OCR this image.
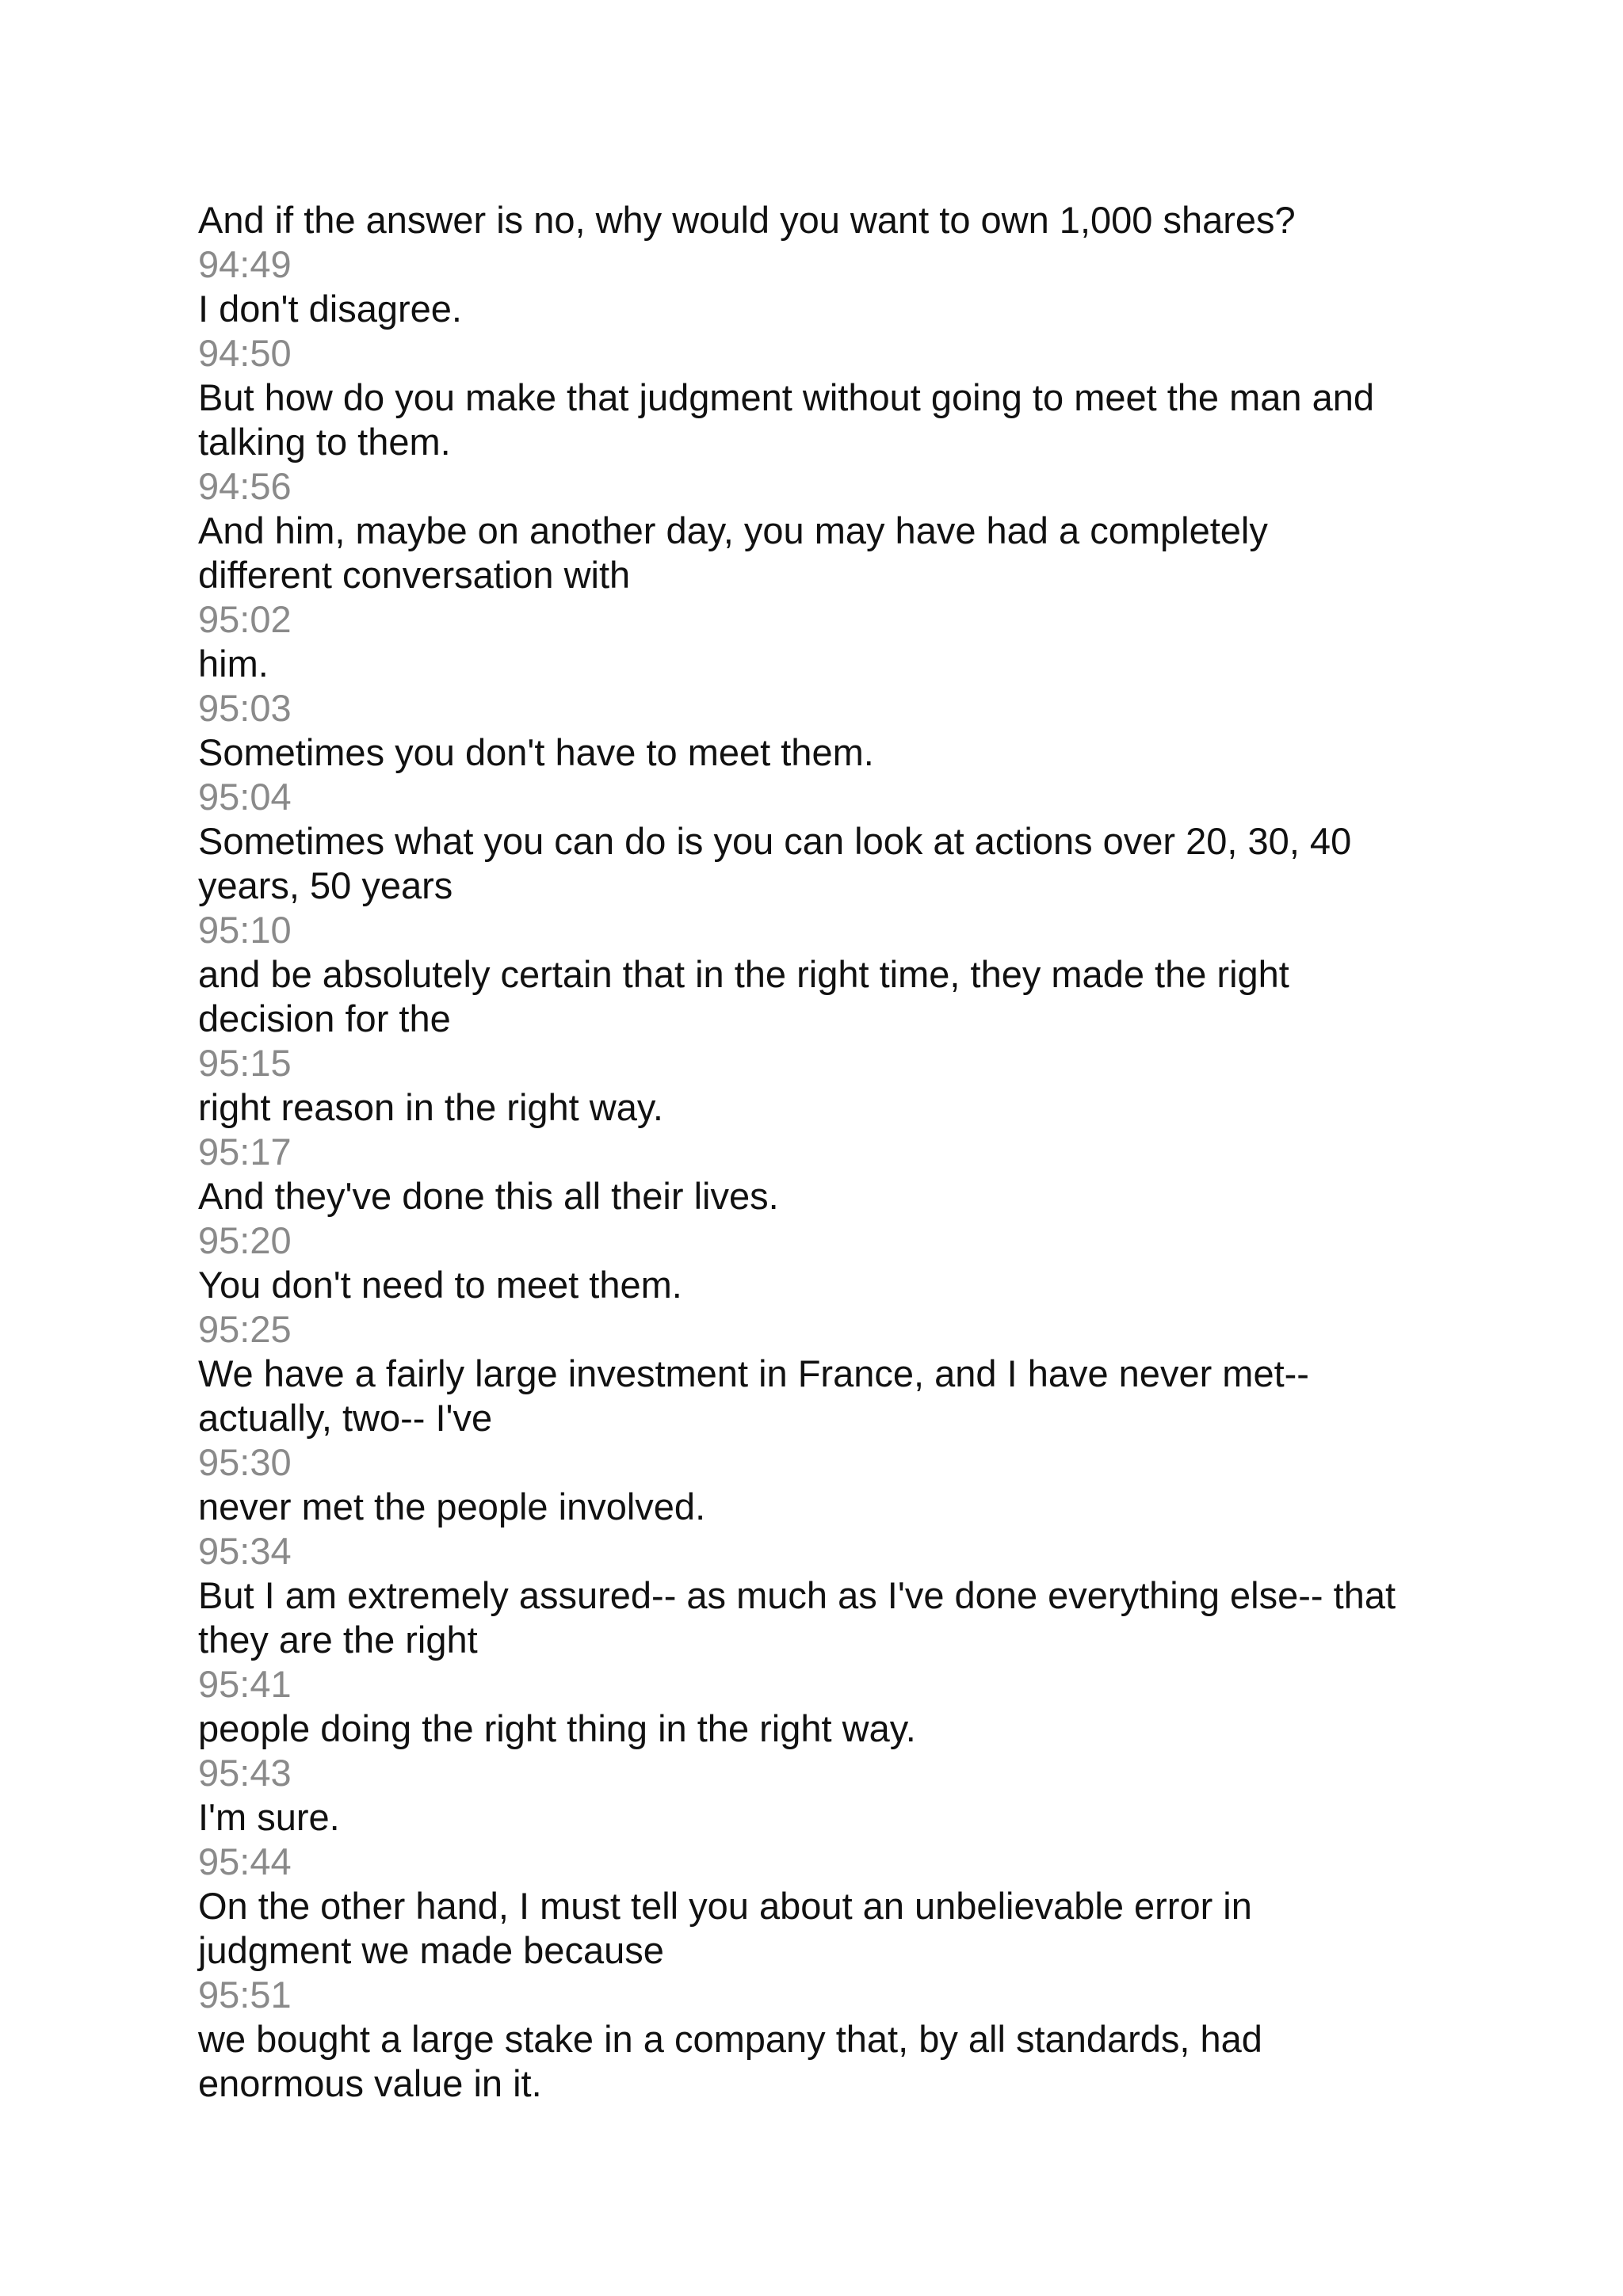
And if the answer is no, why would you want to own 1,000 shares?
94:49
I don't disagree.
94:50
But how do you make that judgment without going to meet the man and
talking to them.
94:56
And him, maybe on another day, you may have had a completely
different conversation with
95:02
him.
95:03
Sometimes you don't have to meet them.
95:04
Sometimes what you can do is you can look at actions over 20, 30, 40
years, 50 years
95:10
and be absolutely certain that in the right time, they made the right
decision for the
95:15
right reason in the right way.
95:17
And they've done this all their lives.
95:20
You don't need to meet them.
95:25
We have a fairly large investment in France, and I have never met--
actually, two-- I've
95:30
never met the people involved.
95:34
But I am extremely assured-- as much as I've done everything else-- that
they are the right
95:41
people doing the right thing in the right way.
95:43
I'm sure.
95:44
On the other hand, I must tell you about an unbelievable error in
judgment we made because
95:51
we bought a large stake in a company that, by all standards, had
enormous value in it.
